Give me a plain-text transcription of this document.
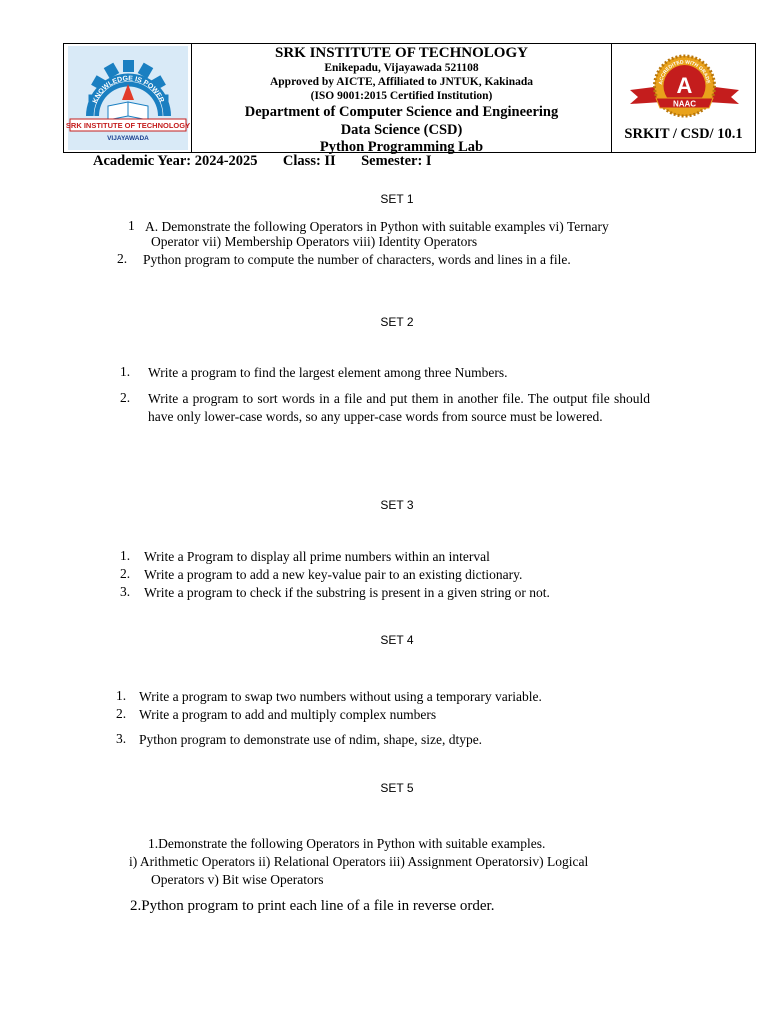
KNOWLEDGE IS POWER
SRK INSTITUTE OF TECHNOLOGY
VIJAYAWADA
SRK INSTITUTE OF TECHNOLOGY
Enikepadu, Vijayawada 521108
Approved by AICTE, Affiliated to JNTUK, Kakinada
(ISO 9001:2015 Certified Institution)
Department of Computer Science and Engineering
Data Science (CSD)
Python Programming Lab
ACCREDITED WITH GRADE
A
NAAC
SRKIT / CSD/ 10.1
Academic Year: 2024-2025       Class: II       Semester: I
SET 1
1 A. Demonstrate the following Operators in Python with suitable examples vi) Ternary
Operator vii) Membership Operators viii) Identity Operators
2. Python program to compute the number of characters, words and lines in a file.
SET 2
1. Write a program to find the largest element among three Numbers.
2. Write a program to sort words in a file and put them in another file. The output file should have only lower-case words, so any upper-case words from source must be lowered.
SET 3
1. Write a Program to display all prime numbers within an interval
2. Write a program to add a new key-value pair to an existing dictionary.
3. Write a program to check if the substring is present in a given string or not.
SET 4
1. Write a program to swap two numbers without using a temporary variable.
2. Write a program to add and multiply complex numbers
3. Python program to demonstrate use of ndim, shape, size, dtype.
SET 5
1.Demonstrate the following Operators in Python with suitable examples.
i) Arithmetic Operators ii) Relational Operators iii) Assignment Operatorsiv) Logical
Operators v) Bit wise Operators
2.Python program to print each line of a file in reverse order.
